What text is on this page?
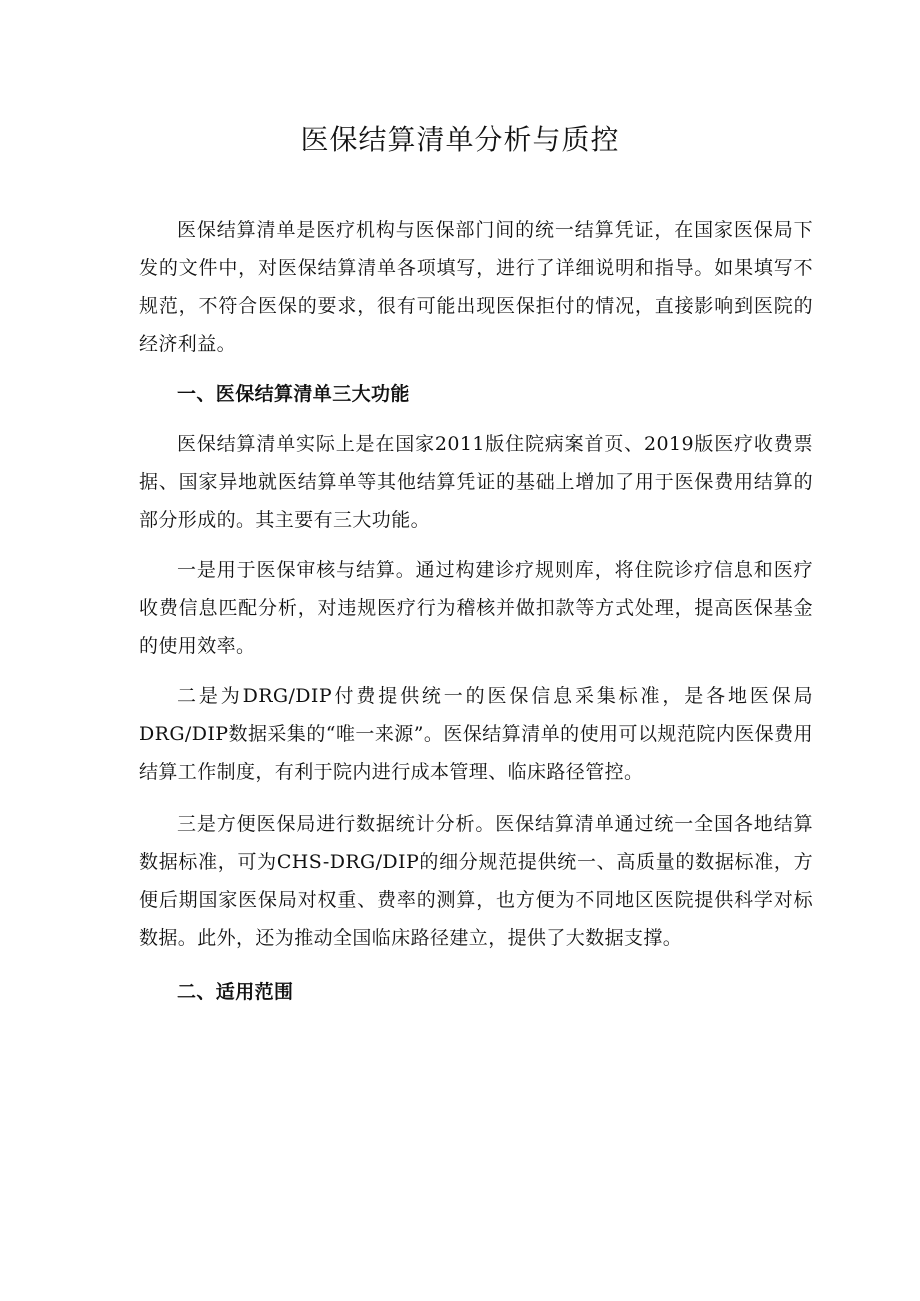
医保结算清单分析与质控

医保结算清单是医疗机构与医保部门间的统一结算凭证，在国家医保局下发的文件中，对医保结算清单各项填写，进行了详细说明和指导。如果填写不规范，不符合医保的要求，很有可能出现医保拒付的情况，直接影响到医院的经济利益。

一、医保结算清单三大功能

医保结算清单实际上是在国家2011版住院病案首页、2019版医疗收费票据、国家异地就医结算单等其他结算凭证的基础上增加了用于医保费用结算的部分形成的。其主要有三大功能。

一是用于医保审核与结算。通过构建诊疗规则库，将住院诊疗信息和医疗收费信息匹配分析，对违规医疗行为稽核并做扣款等方式处理，提高医保基金的使用效率。

二是为DRG/DIP付费提供统一的医保信息采集标准，是各地医保局DRG/DIP数据采集的“唯一来源”。医保结算清单的使用可以规范院内医保费用结算工作制度，有利于院内进行成本管理、临床路径管控。

三是方便医保局进行数据统计分析。医保结算清单通过统一全国各地结算数据标准，可为CHS-DRG/DIP的细分规范提供统一、高质量的数据标准，方便后期国家医保局对权重、费率的测算，也方便为不同地区医院提供科学对标数据。此外，还为推动全国临床路径建立，提供了大数据支撑。

二、适用范围
